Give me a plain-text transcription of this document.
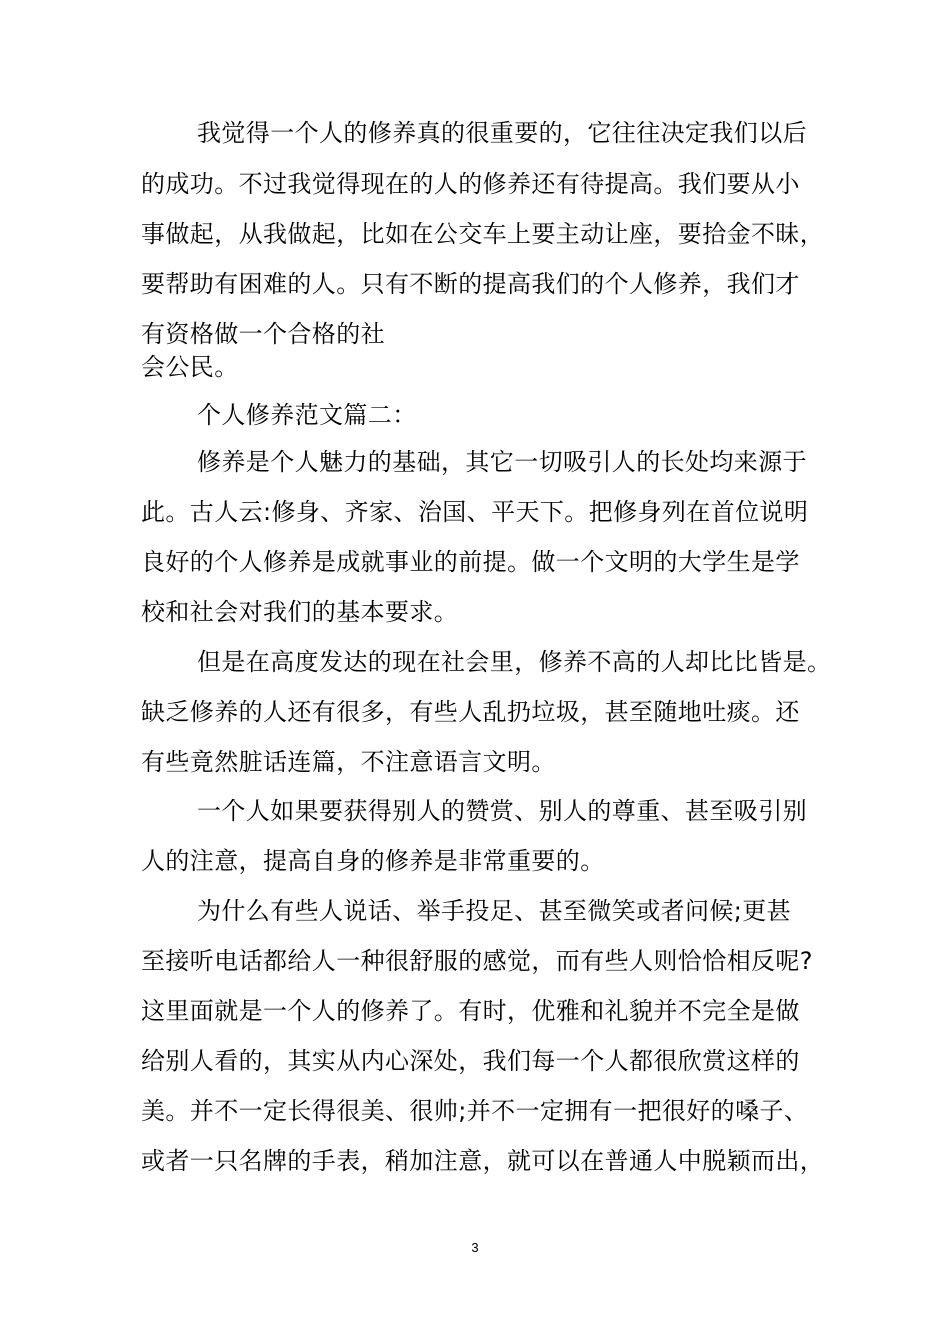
我觉得一个人的修养真的很重要的，它往往决定我们以后
的成功。不过我觉得现在的人的修养还有待提高。我们要从小
事做起，从我做起，比如在公交车上要主动让座，要拾金不昧，
要帮助有困难的人。只有不断的提高我们的个人修养，我们才
有资格做一个合格的社
会公民。
个人修养范文篇二：
修养是个人魅力的基础，其它一切吸引人的长处均来源于
此。古人云:修身、齐家、治国、平天下。把修身列在首位说明
良好的个人修养是成就事业的前提。做一个文明的大学生是学
校和社会对我们的基本要求。
但是在高度发达的现在社会里，修养不高的人却比比皆是。
缺乏修养的人还有很多，有些人乱扔垃圾，甚至随地吐痰。还
有些竟然脏话连篇，不注意语言文明。
一个人如果要获得别人的赞赏、别人的尊重、甚至吸引别
人的注意，提高自身的修养是非常重要的。
为什么有些人说话、举手投足、甚至微笑或者问候;更甚
至接听电话都给人一种很舒服的感觉，而有些人则恰恰相反呢?
这里面就是一个人的修养了。有时，优雅和礼貌并不完全是做
给别人看的，其实从内心深处，我们每一个人都很欣赏这样的
美。并不一定长得很美、很帅;并不一定拥有一把很好的嗓子、
或者一只名牌的手表，稍加注意，就可以在普通人中脱颖而出，
3
